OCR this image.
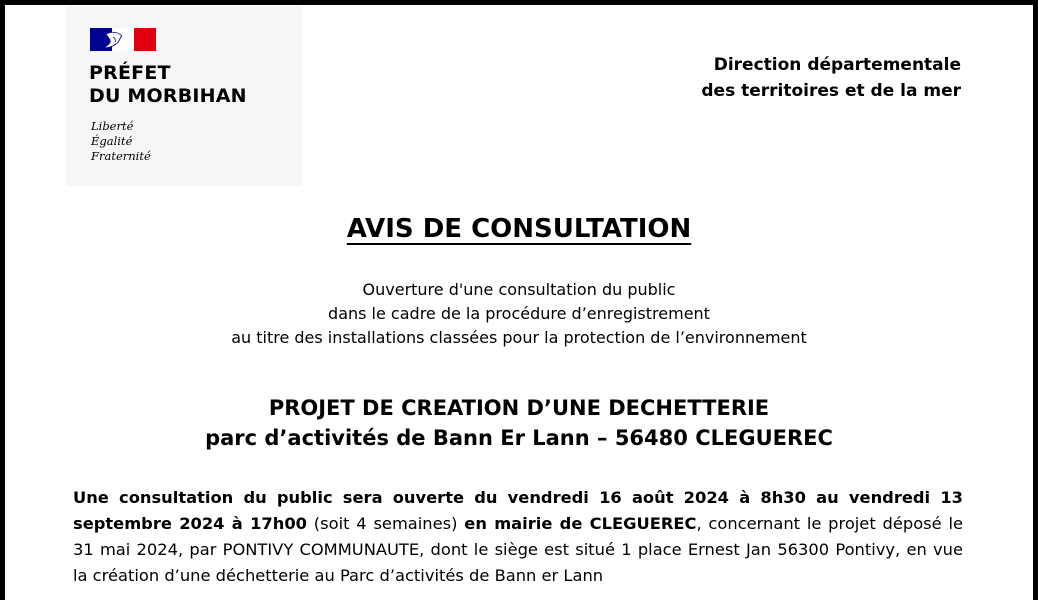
PRÉFET
DU MORBIHAN
Liberté
Égalité
Fraternité
Direction départementale
des territoires et de la mer
AVIS DE CONSULTATION
Ouverture d'une consultation du public
dans le cadre de la procédure d’enregistrement
au titre des installations classées pour la protection de l’environnement
PROJET DE CREATION D’UNE DECHETTERIE
parc d’activités de Bann Er Lann – 56480 CLEGUEREC
Une consultation du public sera ouverte du vendredi 16 août 2024 à 8h30 au vendredi 13 septembre 2024 à 17h00 (soit 4 semaines) en mairie de CLEGUEREC, concernant le projet déposé le 31 mai 2024, par PONTIVY COMMUNAUTE, dont le siège est situé 1 place Ernest Jan 56300 Pontivy, en vue la création d’une déchetterie au Parc d’activités de Bann er Lann
